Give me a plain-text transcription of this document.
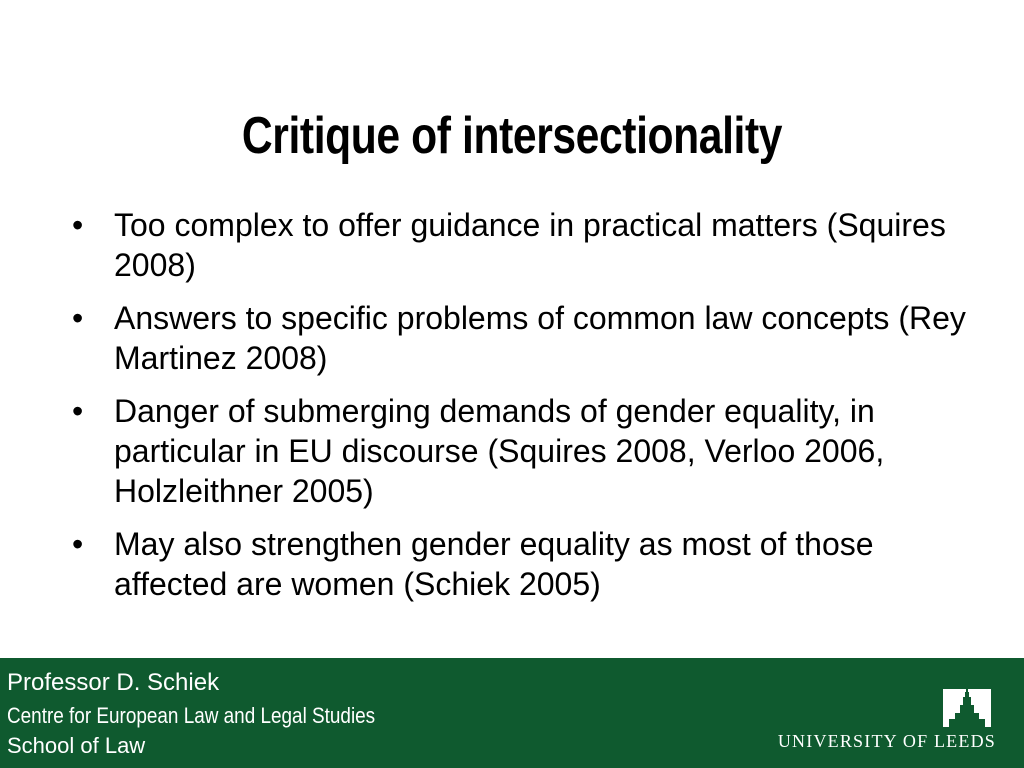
Critique of intersectionality
• Too complex to offer guidance in practical matters (Squires 2008)
• Answers to specific problems of common law concepts (Rey Martinez 2008)
• Danger of submerging demands of gender equality, in particular in EU discourse (Squires 2008, Verloo 2006, Holzleithner 2005)
• May also strengthen gender equality as most of those affected are women (Schiek 2005)
Professor D. Schiek
Centre for European Law and Legal Studies
School of Law	UNIVERSITY OF LEEDS
